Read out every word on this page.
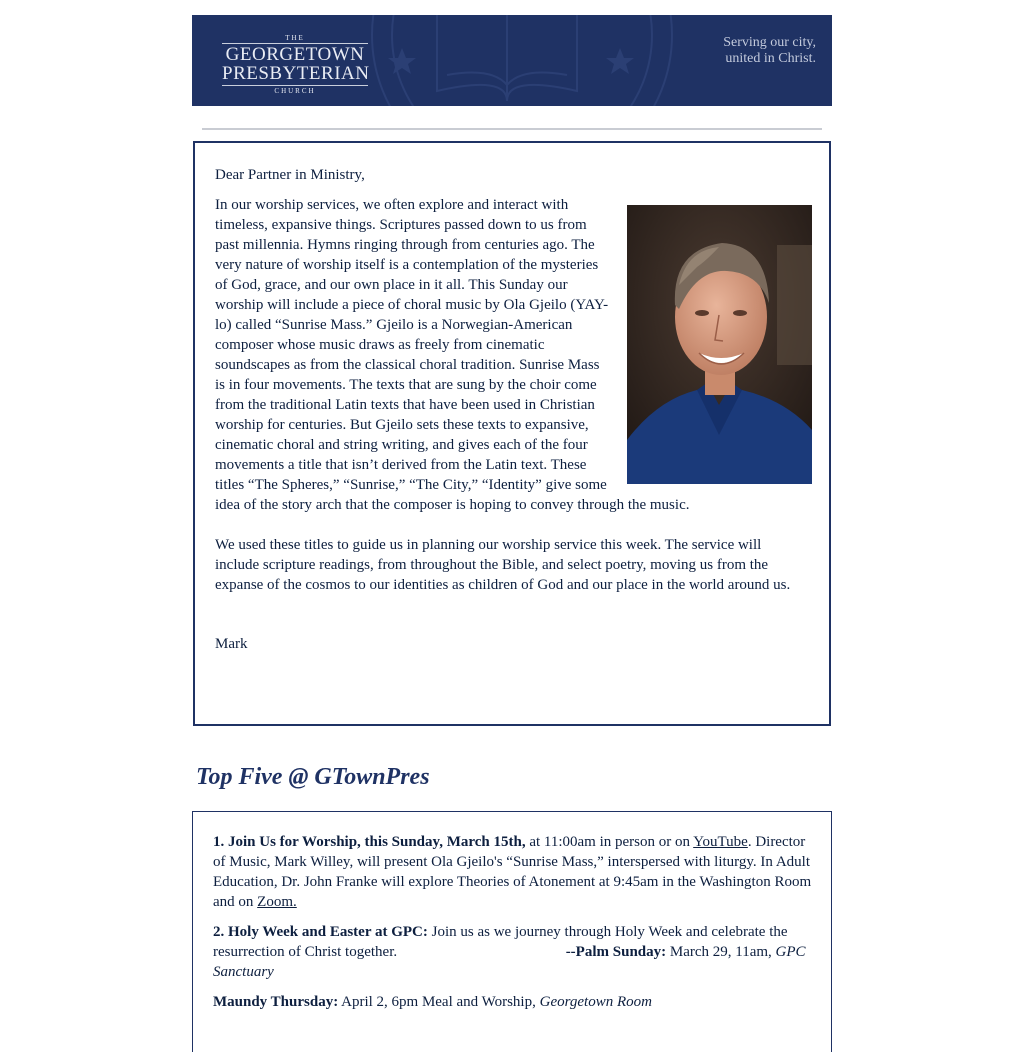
THE
GEORGETOWN
PRESBYTERIAN
CHURCH
Serving our city,
united in Christ.

Dear Partner in Ministry,

In our worship services, we often explore and interact with timeless, expansive things. Scriptures passed down to us from past millennia. Hymns ringing through from centuries ago. The very nature of worship itself is a contemplation of the mysteries of God, grace, and our own place in it all. This Sunday our worship will include a piece of choral music by Ola Gjeilo (YAY-lo) called “Sunrise Mass.” Gjeilo is a Norwegian-American composer whose music draws as freely from cinematic soundscapes as from the classical choral tradition. Sunrise Mass is in four movements. The texts that are sung by the choir come from the traditional Latin texts that have been used in Christian worship for centuries. But Gjeilo sets these texts to expansive, cinematic choral and string writing, and gives each of the four movements a title that isn’t derived from the Latin text. These titles “The Spheres,” “Sunrise,” “The City,” “Identity” give some idea of the story arch that the composer is hoping to convey through the music.

We used these titles to guide us in planning our worship service this week. The service will include scripture readings, from throughout the Bible, and select poetry, moving us from the expanse of the cosmos to our identities as children of God and our place in the world around us.

Mark

Top Five @ GTownPres

1. Join Us for Worship, this Sunday, March 15th, at 11:00am in person or on YouTube. Director of Music, Mark Willey, will present Ola Gjeilo's “Sunrise Mass,” interspersed with liturgy. In Adult Education, Dr. John Franke will explore Theories of Atonement at 9:45am in the Washington Room and on Zoom.

2. Holy Week and Easter at GPC: Join us as we journey through Holy Week and celebrate the resurrection of Christ together.	--Palm Sunday: March 29, 11am, GPC Sanctuary

Maundy Thursday: April 2, 6pm Meal and Worship, Georgetown Room
